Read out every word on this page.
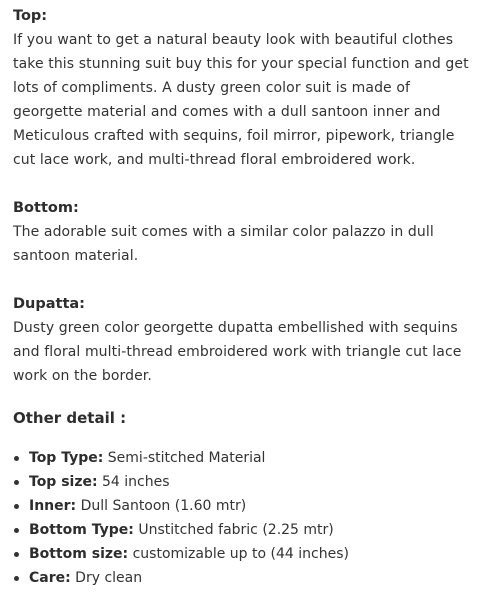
Top:

If you want to get a natural beauty look with beautiful clothes take this stunning suit buy this for your special function and get lots of compliments. A dusty green color suit is made of georgette material and comes with a dull santoon inner and Meticulous crafted with sequins, foil mirror, pipework, triangle cut lace work, and multi-thread floral embroidered work.

Bottom:

The adorable suit comes with a similar color palazzo in dull santoon material.

Dupatta:

Dusty green color georgette dupatta embellished with sequins and floral multi-thread embroidered work with triangle cut lace work on the border.

Other detail :

Top Type: Semi-stitched Material
Top size: 54 inches
Inner: Dull Santoon (1.60 mtr)
Bottom Type: Unstitched fabric (2.25 mtr)
Bottom size: customizable up to (44 inches)
Care: Dry clean
